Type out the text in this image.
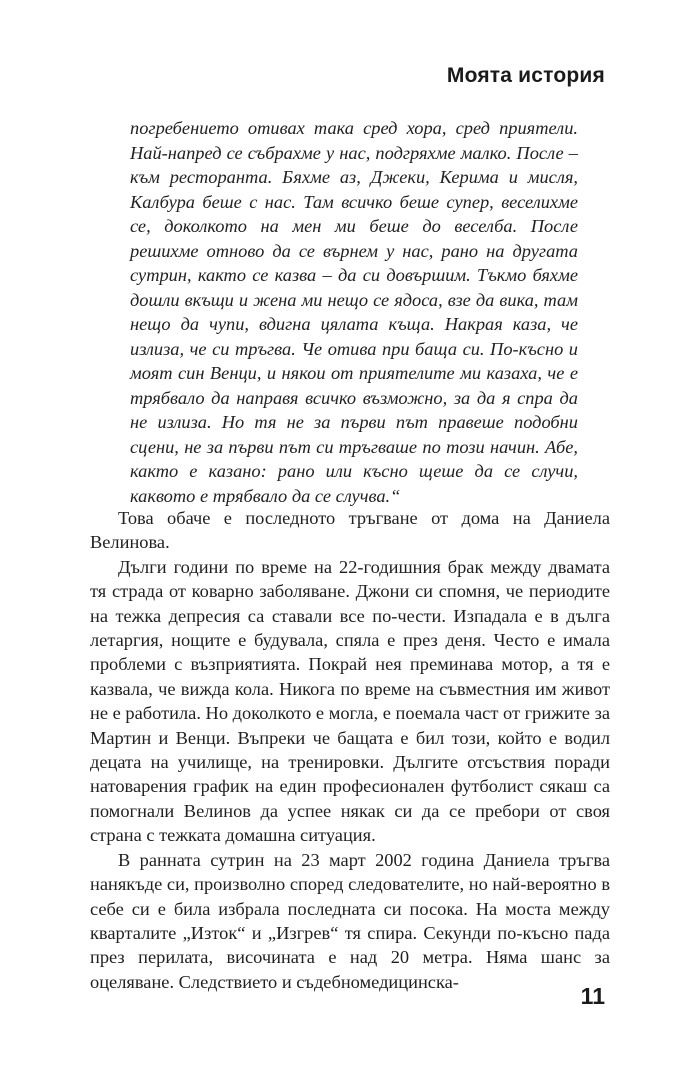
Моята история
погребението отивах така сред хора, сред приятели. Най-напред се събрахме у нас, подгряхме малко. После – към ресторанта. Бяхме аз, Джеки, Керима и мисля, Калбура беше с нас. Там всичко беше супер, веселихме се, доколкото на мен ми беше до веселба. После решихме отново да се върнем у нас, рано на другата сутрин, както се казва – да си довършим. Тъкмо бяхме дошли вкъщи и жена ми нещо се ядоса, взе да вика, там нещо да чупи, вдигна цялата къща. Накрая каза, че излиза, че си тръгва. Че отива при баща си. По-късно и моят син Венци, и някои от приятелите ми казаха, че е трябвало да направя всичко възможно, за да я спра да не излиза. Но тя не за първи път правеше подобни сцени, не за първи път си тръгваше по този начин. Абе, както е казано: рано или късно щеше да се случи, каквото е трябвало да се случва.“

Това обаче е последното тръгване от дома на Даниела Велинова.

Дълги години по време на 22-годишния брак между двамата тя страда от коварно заболяване. Джони си спомня, че периодите на тежка депресия са ставали все по-чести. Изпадала е в дълга летаргия, нощите е будувала, спяла е през деня. Често е имала проблеми с възприятията. Покрай нея преминава мотор, а тя е казвала, че вижда кола. Никога по време на съвместния им живот не е работила. Но доколкото е могла, е поемала част от грижите за Мартин и Венци. Въпреки че бащата е бил този, който е водил децата на училище, на тренировки. Дългите отсъствия поради натоварения график на един професионален футболист сякаш са помогнали Велинов да успее някак си да се пребори от своя страна с тежката домашна ситуация.

В ранната сутрин на 23 март 2002 година Даниела тръгва нанякъде си, произволно според следователите, но най-вероятно в себе си е била избрала последната си посока. На моста между кварталите „Изток“ и „Изгрев“ тя спира. Секунди по-късно пада през перилата, височината е над 20 метра. Няма шанс за оцеляване. Следствието и съдебномедицинска-

11
